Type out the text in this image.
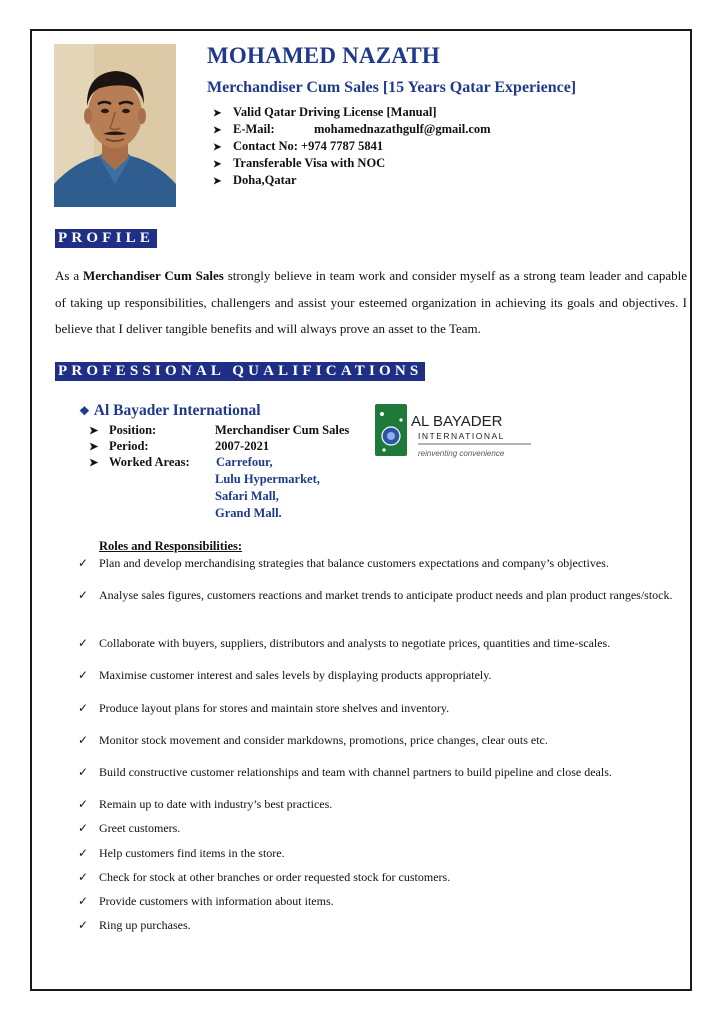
MOHAMED NAZATH
Merchandiser Cum Sales [15 Years Qatar Experience]
➤ Valid Qatar Driving License [Manual]
➤ E-Mail:	mohamednazathgulf@gmail.com
➤ Contact No: +974 7787 5841
➤ Transferable Visa with NOC
➤ Doha,Qatar
PROFILE

As a Merchandiser Cum Sales strongly believe in team work and consider myself as a strong team leader and capable of taking up responsibilities, challengers and assist your esteemed organization in achieving its goals and objectives. I believe that I deliver tangible benefits and will always prove an asset to the Team.

PROFESSIONAL QUALIFICATIONS
❖ Al Bayader International
➤ Position:	Merchandiser Cum Sales
➤ Period:	2007-2021
➤ Worked Areas: Carrefour,
Lulu Hypermarket,
Safari Mall,
Grand Mall.
AL BAYADER
INTERNATIONAL
reinventing convenience
Roles and Responsibilities:
✓ Plan and develop merchandising strategies that balance customers expectations and company’s objectives.
✓ Analyse sales figures, customers reactions and market trends to anticipate product needs and plan product ranges/stock.
✓ Collaborate with buyers, suppliers, distributors and analysts to negotiate prices, quantities and time-scales.
✓ Maximise customer interest and sales levels by displaying products appropriately.
✓ Produce layout plans for stores and maintain store shelves and inventory.
✓ Monitor stock movement and consider markdowns, promotions, price changes, clear outs etc.
✓ Build constructive customer relationships and team with channel partners to build pipeline and close deals.
✓ Remain up to date with industry’s best practices.
✓ Greet customers.
✓ Help customers find items in the store.
✓ Check for stock at other branches or order requested stock for customers.
✓ Provide customers with information about items.
✓ Ring up purchases.
